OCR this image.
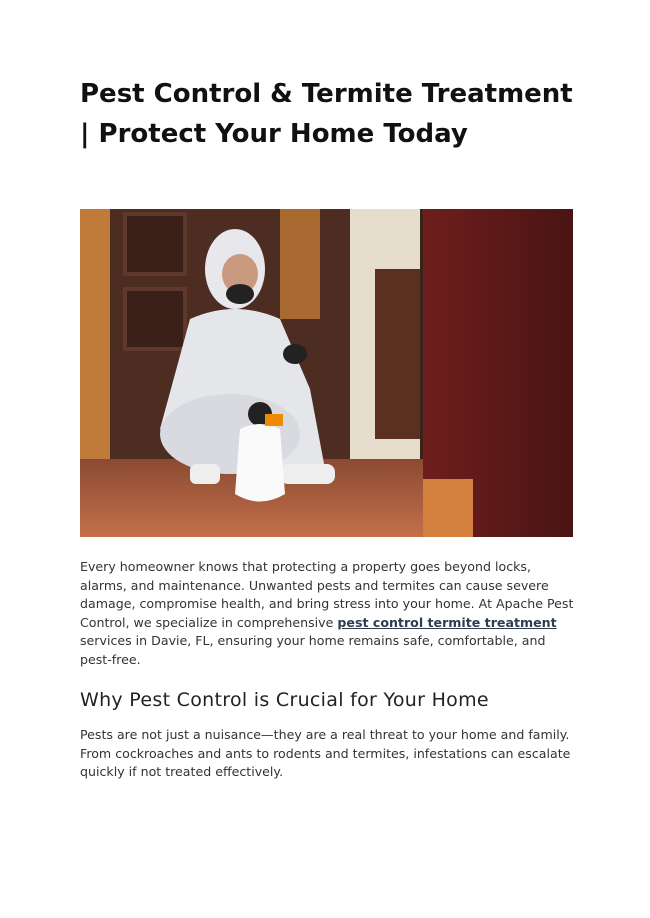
Pest Control & Termite Treatment | Protect Your Home Today

Every homeowner knows that protecting a property goes beyond locks, alarms, and maintenance. Unwanted pests and termites can cause severe damage, compromise health, and bring stress into your home. At Apache Pest Control, we specialize in comprehensive pest control termite treatment services in Davie, FL, ensuring your home remains safe, comfortable, and pest-free.

Why Pest Control is Crucial for Your Home

Pests are not just a nuisance—they are a real threat to your home and family. From cockroaches and ants to rodents and termites, infestations can escalate quickly if not treated effectively.
